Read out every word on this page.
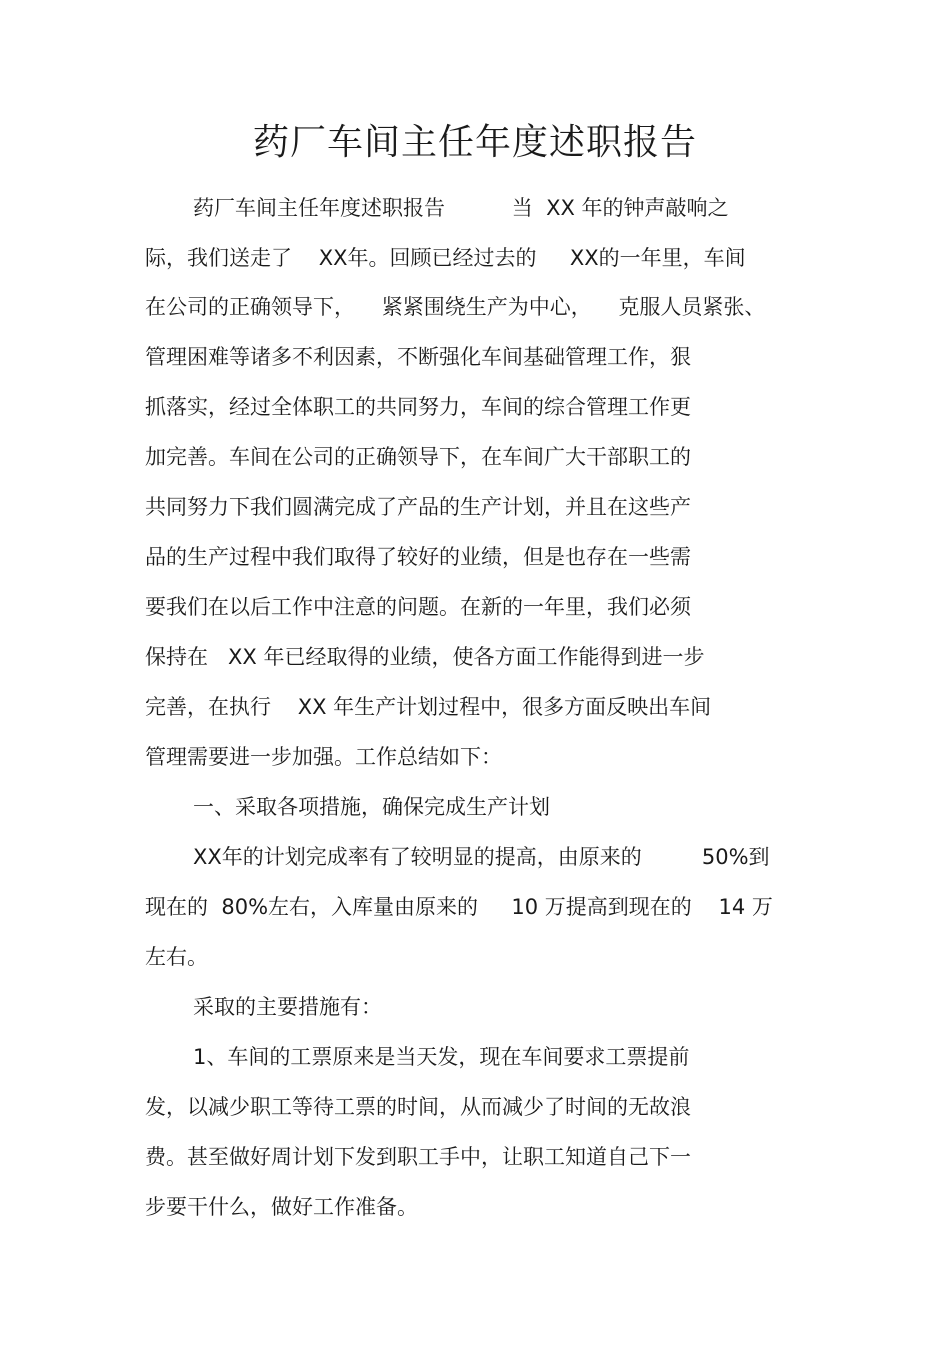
药厂车间主任年度述职报告
药厂车间主任年度述职报告          当  XX 年的钟声敲响之
际，我们送走了    XX年。回顾已经过去的     XX的一年里，车间
在公司的正确领导下，    紧紧围绕生产为中心，    克服人员紧张、
管理困难等诸多不利因素，不断强化车间基础管理工作，狠
抓落实，经过全体职工的共同努力，车间的综合管理工作更
加完善。车间在公司的正确领导下，在车间广大干部职工的
共同努力下我们圆满完成了产品的生产计划，并且在这些产
品的生产过程中我们取得了较好的业绩，但是也存在一些需
要我们在以后工作中注意的问题。在新的一年里，我们必须
保持在   XX 年已经取得的业绩，使各方面工作能得到进一步
完善，在执行    XX 年生产计划过程中，很多方面反映出车间
管理需要进一步加强。工作总结如下：
一、采取各项措施，确保完成生产计划
XX年的计划完成率有了较明显的提高，由原来的         50%到
现在的  80%左右，入库量由原来的     10 万提高到现在的    14 万
左右。
采取的主要措施有：
1、车间的工票原来是当天发，现在车间要求工票提前
发，以减少职工等待工票的时间，从而减少了时间的无故浪
费。甚至做好周计划下发到职工手中，让职工知道自己下一
步要干什么，做好工作准备。
